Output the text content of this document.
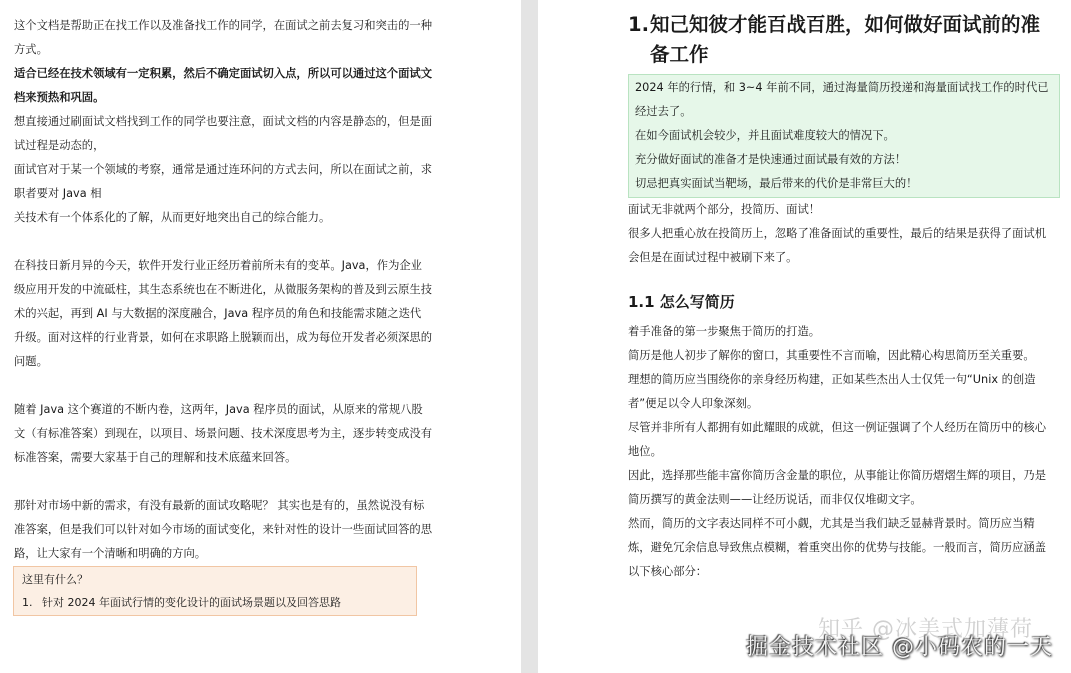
这个文档是帮助正在找工作以及准备找工作的同学，在面试之前去复习和突击的一种方式。

适合已经在技术领域有一定积累，然后不确定面试切入点，所以可以通过这个面试文档来预热和巩固。

想直接通过刷面试文档找到工作的同学也要注意，面试文档的内容是静态的，但是面试过程是动态的，

面试官对于某一个领域的考察，通常是通过连环问的方式去问，所以在面试之前，求职者要对 Java 相

关技术有一个体系化的了解，从而更好地突出自己的综合能力。

在科技日新月异的今天，软件开发行业正经历着前所未有的变革。Java，作为企业级应用开发的中流砥柱，其生态系统也在不断进化，从微服务架构的普及到云原生技术的兴起，再到 AI 与大数据的深度融合，Java 程序员的角色和技能需求随之迭代升级。面对这样的行业背景，如何在求职路上脱颖而出，成为每位开发者必须深思的问题。

随着 Java 这个赛道的不断内卷，这两年，Java 程序员的面试，从原来的常规八股文（有标准答案）到现在，以项目、场景问题、技术深度思考为主，逐步转变成没有标准答案，需要大家基于自己的理解和技术底蕴来回答。

那针对市场中新的需求，有没有最新的面试攻略呢？ 其实也是有的，虽然说没有标准答案，但是我们可以针对如今市场的面试变化，来针对性的设计一些面试回答的思路，让大家有一个清晰和明确的方向。

这里有什么？
1. 针对 2024 年面试行情的变化设计的面试场景题以及回答思路
1. 知己知彼才能百战百胜，如何做好面试前的准备工作
2024 年的行情，和 3~4 年前不同，通过海量简历投递和海量面试找工作的时代已经过去了。
在如今面试机会较少，并且面试难度较大的情况下。
充分做好面试的准备才是快速通过面试最有效的方法！
切忌把真实面试当靶场，最后带来的代价是非常巨大的！

面试无非就两个部分，投简历、面试！

很多人把重心放在投简历上，忽略了准备面试的重要性，最后的结果是获得了面试机会但是在面试过程中被刷下来了。

1.1 怎么写简历

着手准备的第一步聚焦于简历的打造。

简历是他人初步了解你的窗口，其重要性不言而喻，因此精心构思简历至关重要。

理想的简历应当围绕你的亲身经历构建，正如某些杰出人士仅凭一句“Unix 的创造者”便足以令人印象深刻。

尽管并非所有人都拥有如此耀眼的成就，但这一例证强调了个人经历在简历中的核心地位。

因此，选择那些能丰富你简历含金量的职位，从事能让你简历熠熠生辉的项目，乃是简历撰写的黄金法则——让经历说话，而非仅仅堆砌文字。

然而，简历的文字表达同样不可小觑，尤其是当我们缺乏显赫背景时。简历应当精炼，避免冗余信息导致焦点模糊，着重突出你的优势与技能。一般而言，简历应涵盖以下核心部分：

知乎 @冰美式加薄荷
掘金技术社区 @小码农的一天
